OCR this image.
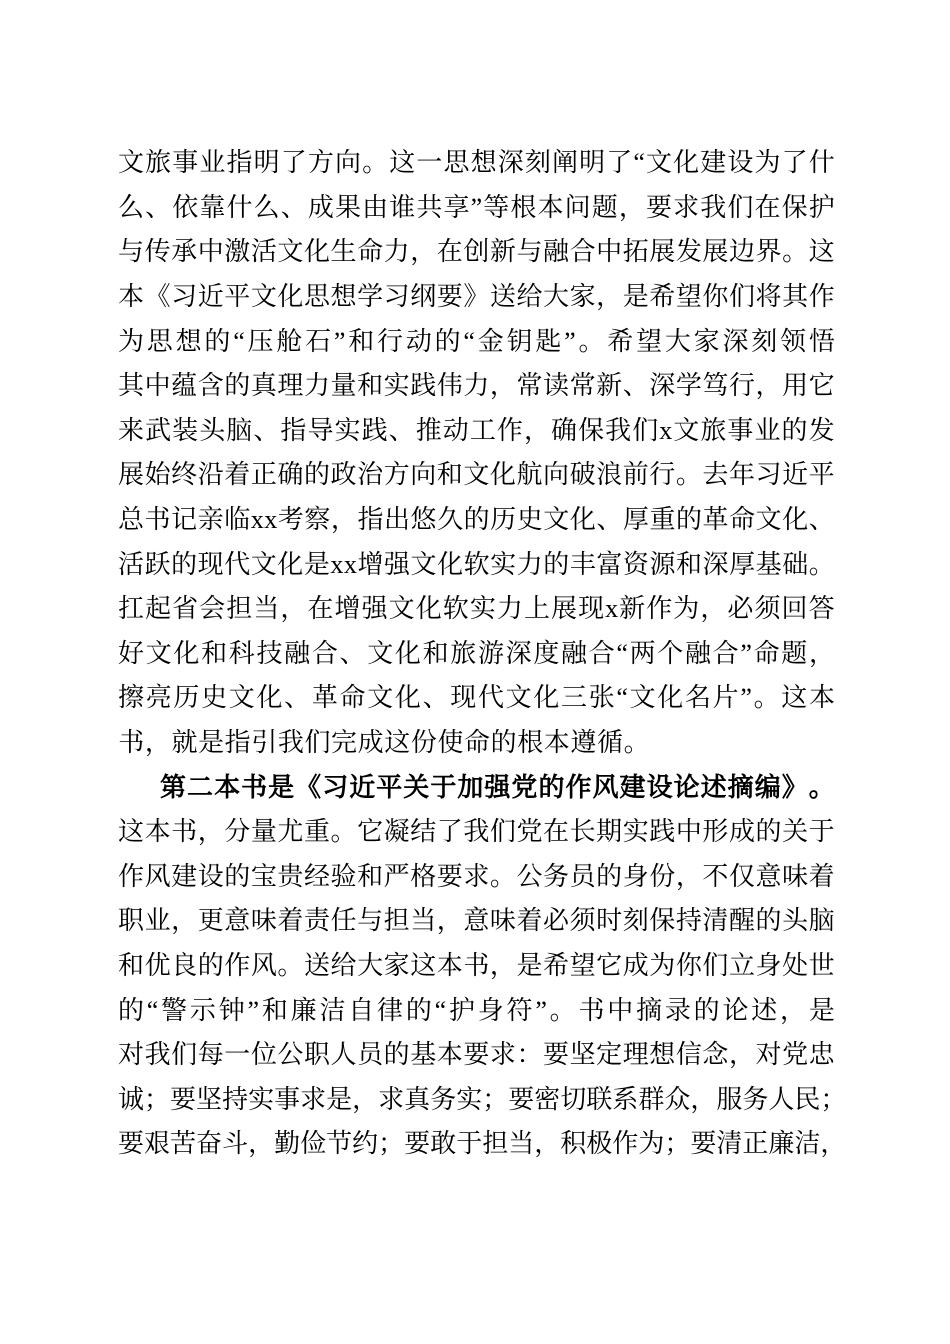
文 旅 事 业 指 明 了 方 向 。 这 一 思 想 深 刻 阐 明 了 “ 文 化 建 设 为 了 什
么 、 依 靠 什 么 、 成 果 由 谁 共 享 ” 等 根 本 问 题 ， 要 求 我 们 在 保 护
与 传 承 中 激 活 文 化 生 命 力 ， 在 创 新 与 融 合 中 拓 展 发 展 边 界 。 这
本 《 习 近 平 文 化 思 想 学 习 纲 要 》 送 给 大 家 ， 是 希 望 你 们 将 其 作
为 思 想 的 “ 压 舱 石 ” 和 行 动 的 “ 金 钥 匙 ” 。 希 望 大 家 深 刻 领 悟
其 中 蕴 含 的 真 理 力 量 和 实 践 伟 力 ， 常 读 常 新 、 深 学 笃 行 ， 用 它
来 武 装 头 脑 、 指 导 实 践 、 推 动 工 作 ， 确 保 我 们 x 文 旅 事 业 的 发
展 始 终 沿 着 正 确 的 政 治 方 向 和 文 化 航 向 破 浪 前 行 。 去 年 习 近 平
总 书 记 亲 临 x x 考 察 ， 指 出 悠 久 的 历 史 文 化 、 厚 重 的 革 命 文 化 、
活 跃 的 现 代 文 化 是 x x 增 强 文 化 软 实 力 的 丰 富 资 源 和 深 厚 基 础 。
扛 起 省 会 担 当 ， 在 增 强 文 化 软 实 力 上 展 现 x 新 作 为 ， 必 须 回 答
好 文 化 和 科 技 融 合 、 文 化 和 旅 游 深 度 融 合 “ 两 个 融 合 ” 命 题 ，
擦 亮 历 史 文 化 、 革 命 文 化 、 现 代 文 化 三 张 “ 文 化 名 片 ” 。 这 本
书 ， 就 是 指 引 我 们 完 成 这 份 使 命 的 根 本 遵 循 。
第 二 本 书 是 《 习 近 平 关 于 加 强 党 的 作 风 建 设 论 述 摘 编 》 。
这 本 书 ， 分 量 尤 重 。 它 凝 结 了 我 们 党 在 长 期 实 践 中 形 成 的 关 于
作 风 建 设 的 宝 贵 经 验 和 严 格 要 求 。 公 务 员 的 身 份 ， 不 仅 意 味 着
职 业 ， 更 意 味 着 责 任 与 担 当 ， 意 味 着 必 须 时 刻 保 持 清 醒 的 头 脑
和 优 良 的 作 风 。 送 给 大 家 这 本 书 ， 是 希 望 它 成 为 你 们 立 身 处 世
的 “ 警 示 钟 ” 和 廉 洁 自 律 的 “ 护 身 符 ” 。 书 中 摘 录 的 论 述 ， 是
对 我 们 每 一 位 公 职 人 员 的 基 本 要 求 ： 要 坚 定 理 想 信 念 ， 对 党 忠
诚 ； 要 坚 持 实 事 求 是 ， 求 真 务 实 ； 要 密 切 联 系 群 众 ， 服 务 人 民 ；
要 艰 苦 奋 斗 ， 勤 俭 节 约 ； 要 敢 于 担 当 ， 积 极 作 为 ； 要 清 正 廉 洁 ，
